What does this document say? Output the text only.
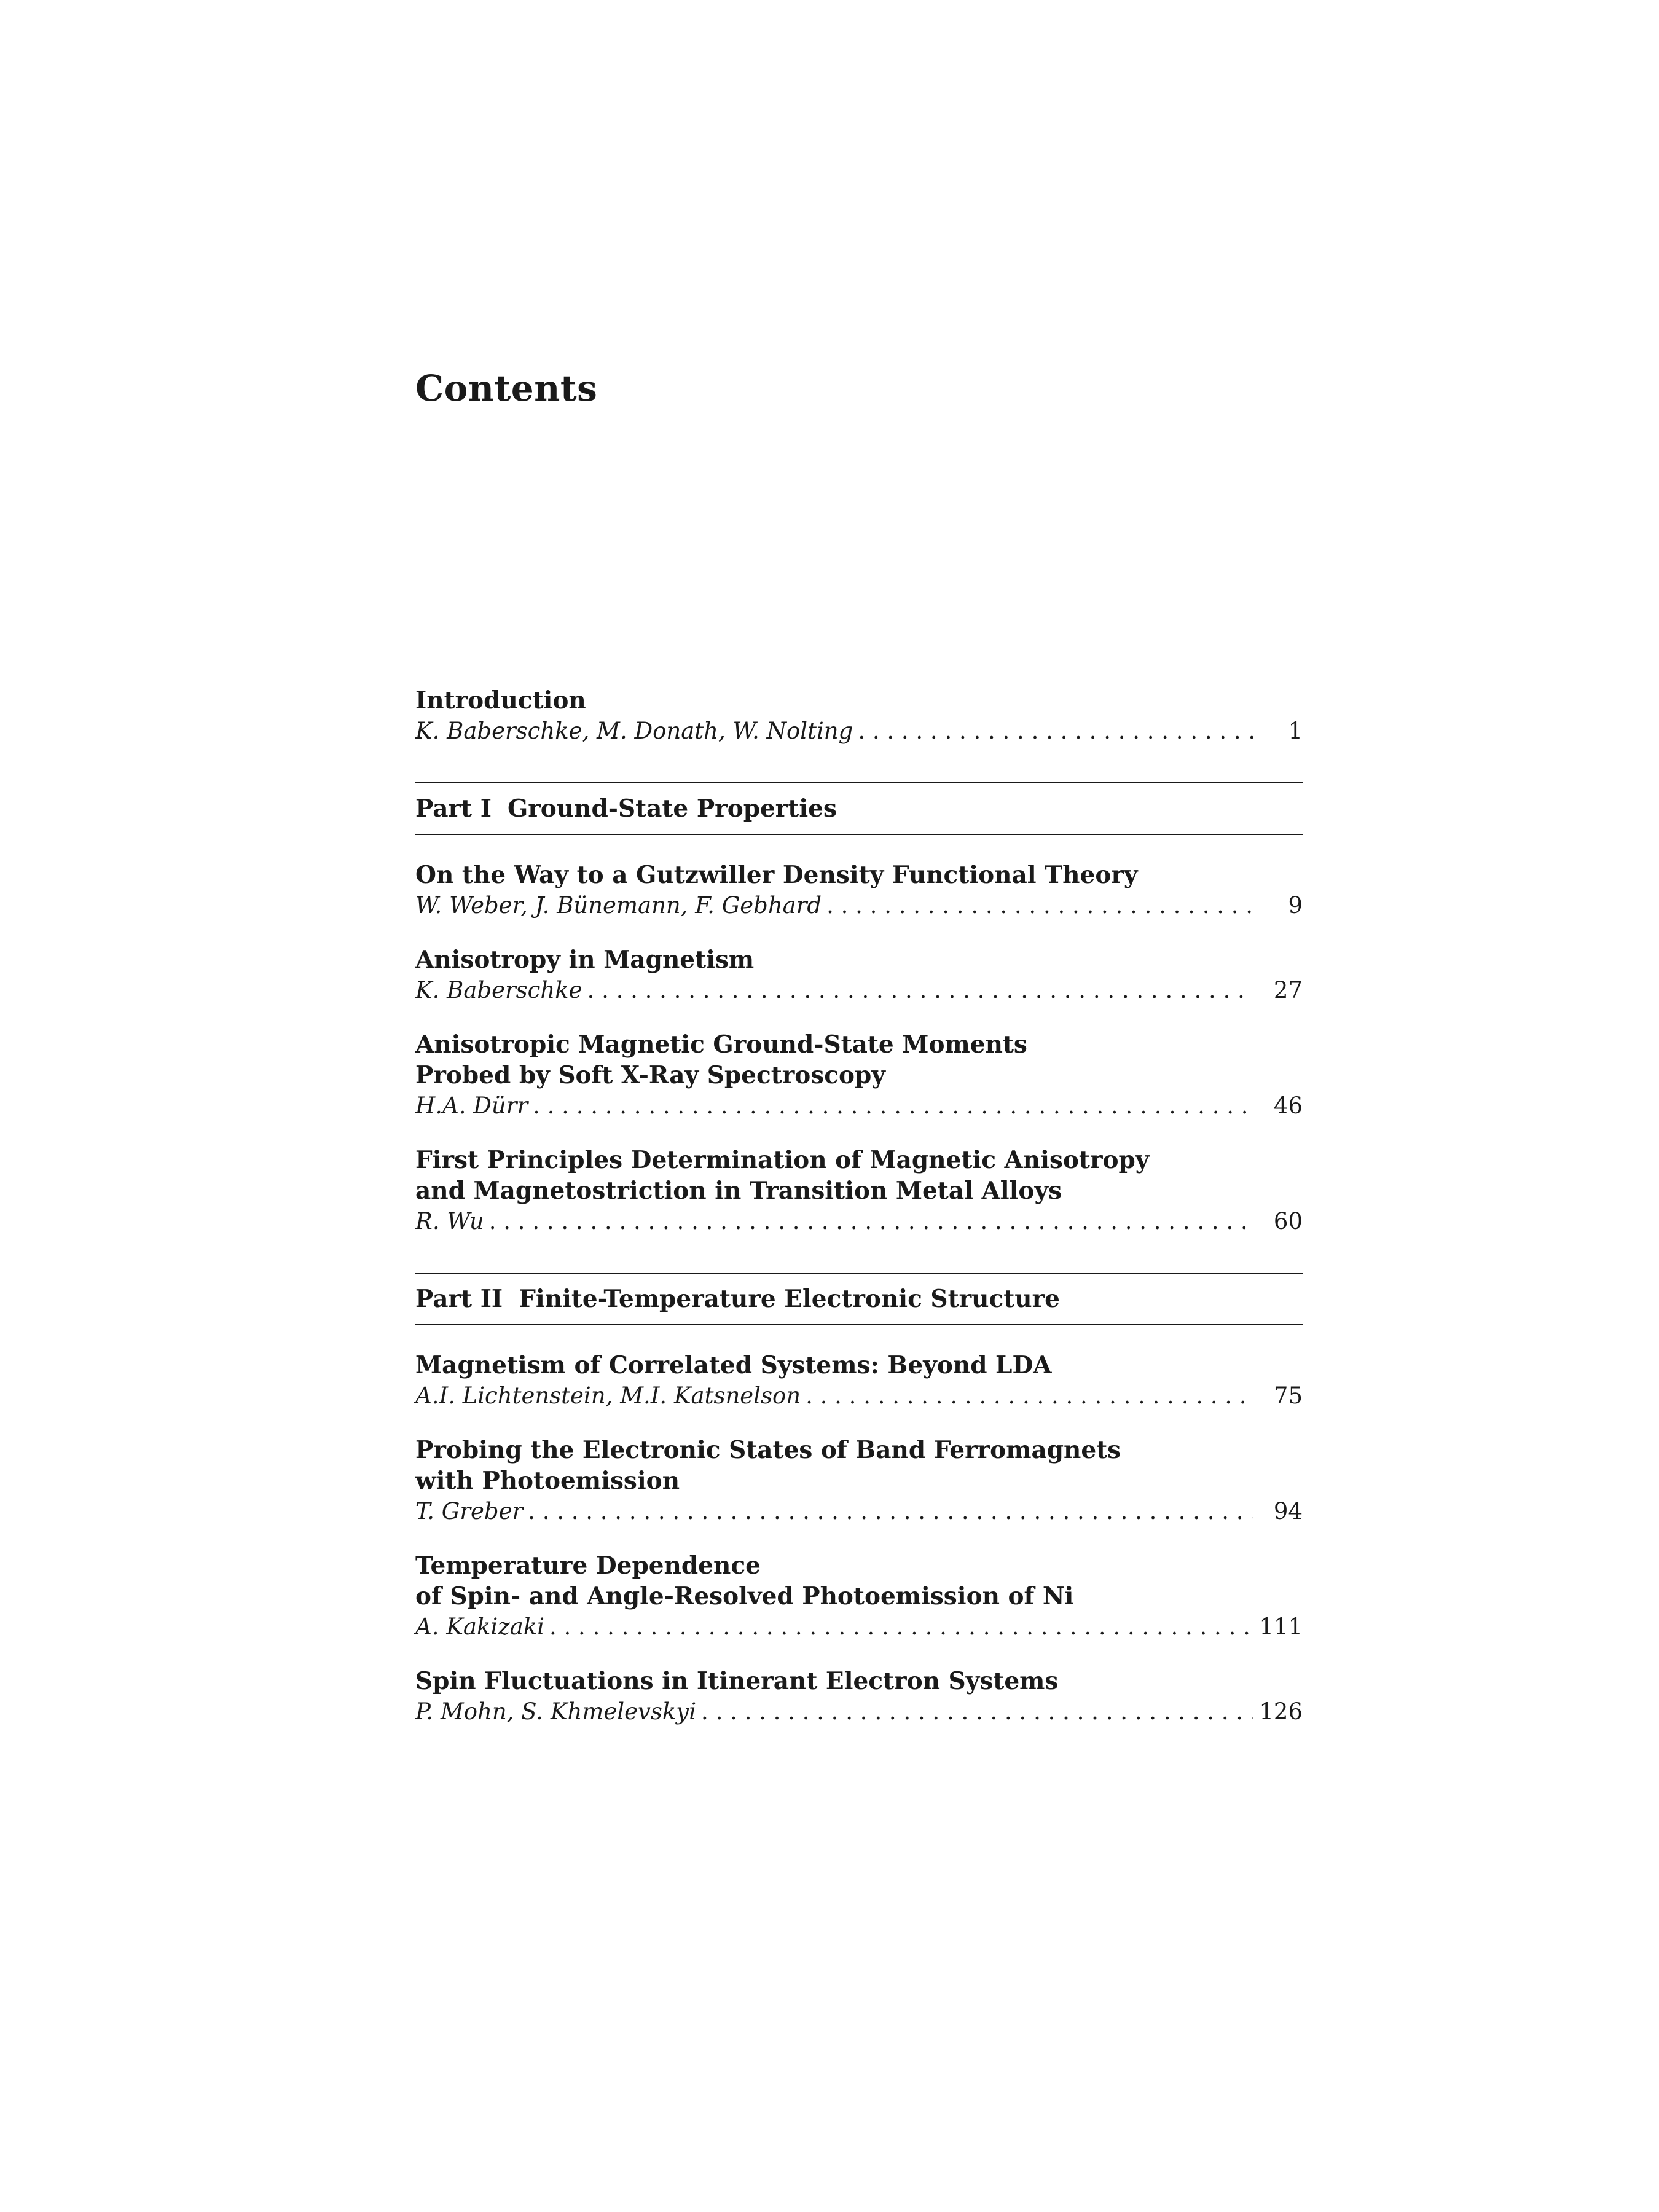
Contents
Introduction
K. Baberschke, M. Donath, W. Nolting . . .	1
Part I Ground-State Properties
On the Way to a Gutzwiller Density Functional Theory
W. Weber, J. Bünemann, F. Gebhard . . .	9
Anisotropy in Magnetism
K. Baberschke . . .	27
Anisotropic Magnetic Ground-State Moments
Probed by Soft X-Ray Spectroscopy
H.A. Dürr . . .	46
First Principles Determination of Magnetic Anisotropy
and Magnetostriction in Transition Metal Alloys
R. Wu . . .	60
Part II Finite-Temperature Electronic Structure
Magnetism of Correlated Systems: Beyond LDA
A.I. Lichtenstein, M.I. Katsnelson . . .	75
Probing the Electronic States of Band Ferromagnets
with Photoemission
T. Greber . . .	94
Temperature Dependence
of Spin- and Angle-Resolved Photoemission of Ni
A. Kakizaki . . .	111
Spin Fluctuations in Itinerant Electron Systems
P. Mohn, S. Khmelevskyi . . .	126
